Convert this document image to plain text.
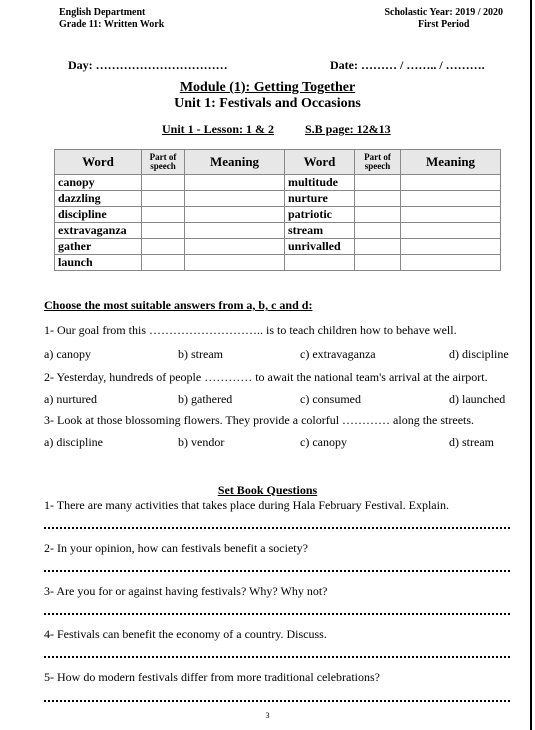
English Department
Grade 11: Written Work
Scholastic Year: 2019 / 2020
First Period
Day: ……………………………	Date: ……… / …….. / ……….
Module (1): Getting Together
Unit 1: Festivals and Occasions
Unit 1 - Lesson: 1 & 2	S.B page: 12&13
Word	Part of speech	Meaning	Word	Part of speech	Meaning
canopy			multitude		
dazzling			nurture		
discipline			patriotic		
extravaganza			stream		
gather			unrivalled		
launch					
Choose the most suitable answers from a, b, c and d:
1- Our goal from this ……………………….. is to teach children how to behave well.
a) canopy	b) stream	c) extravaganza	d) discipline
2- Yesterday, hundreds of people ………… to await the national team's arrival at the airport.
a) nurtured	b) gathered	c) consumed	d) launched
3- Look at those blossoming flowers. They provide a colorful ………… along the streets.
a) discipline	b) vendor	c) canopy	d) stream
Set Book Questions
1- There are many activities that takes place during Hala February Festival. Explain.
2- In your opinion, how can festivals benefit a society?
3- Are you for or against having festivals? Why? Why not?
4- Festivals can benefit the economy of a country. Discuss.
5- How do modern festivals differ from more traditional celebrations?
3
